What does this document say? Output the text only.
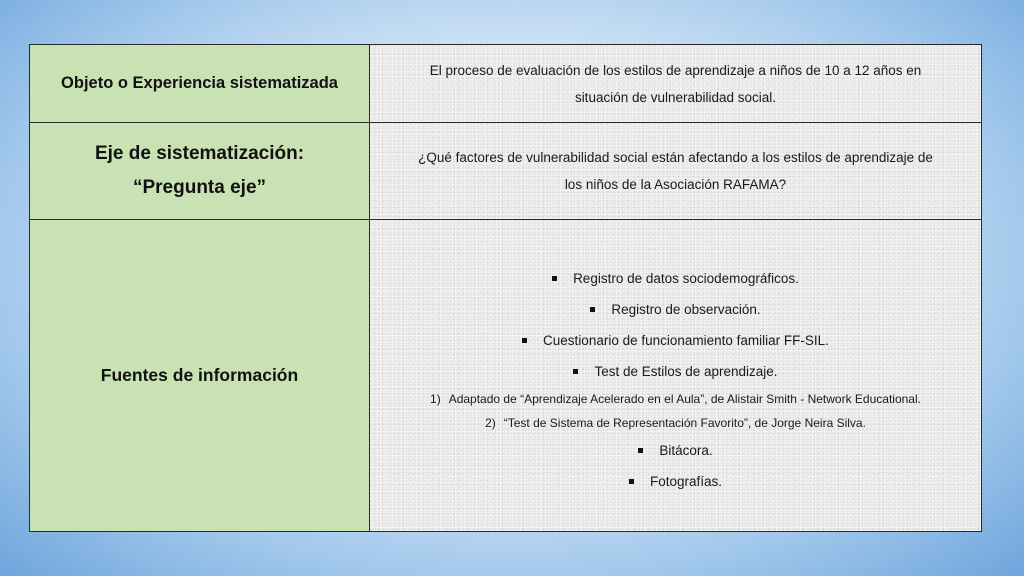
Objeto o Experiencia sistematizada
El proceso de evaluación de los estilos de aprendizaje a niños de 10 a 12 años en
situación de vulnerabilidad social.
Eje de sistematización:
“Pregunta eje”
¿Qué factores de vulnerabilidad social están afectando a los estilos de aprendizaje de
los niños de la Asociación RAFAMA?
Fuentes de información
Registro de datos sociodemográficos.
Registro de observación.
Cuestionario de funcionamiento familiar FF-SIL.
Test de Estilos de aprendizaje.
1) Adaptado de “Aprendizaje Acelerado en el Aula”, de Alistair Smith - Network Educational.
2) “Test de Sistema de Representación Favorito”, de Jorge Neira Silva.
Bitácora.
Fotografías.
